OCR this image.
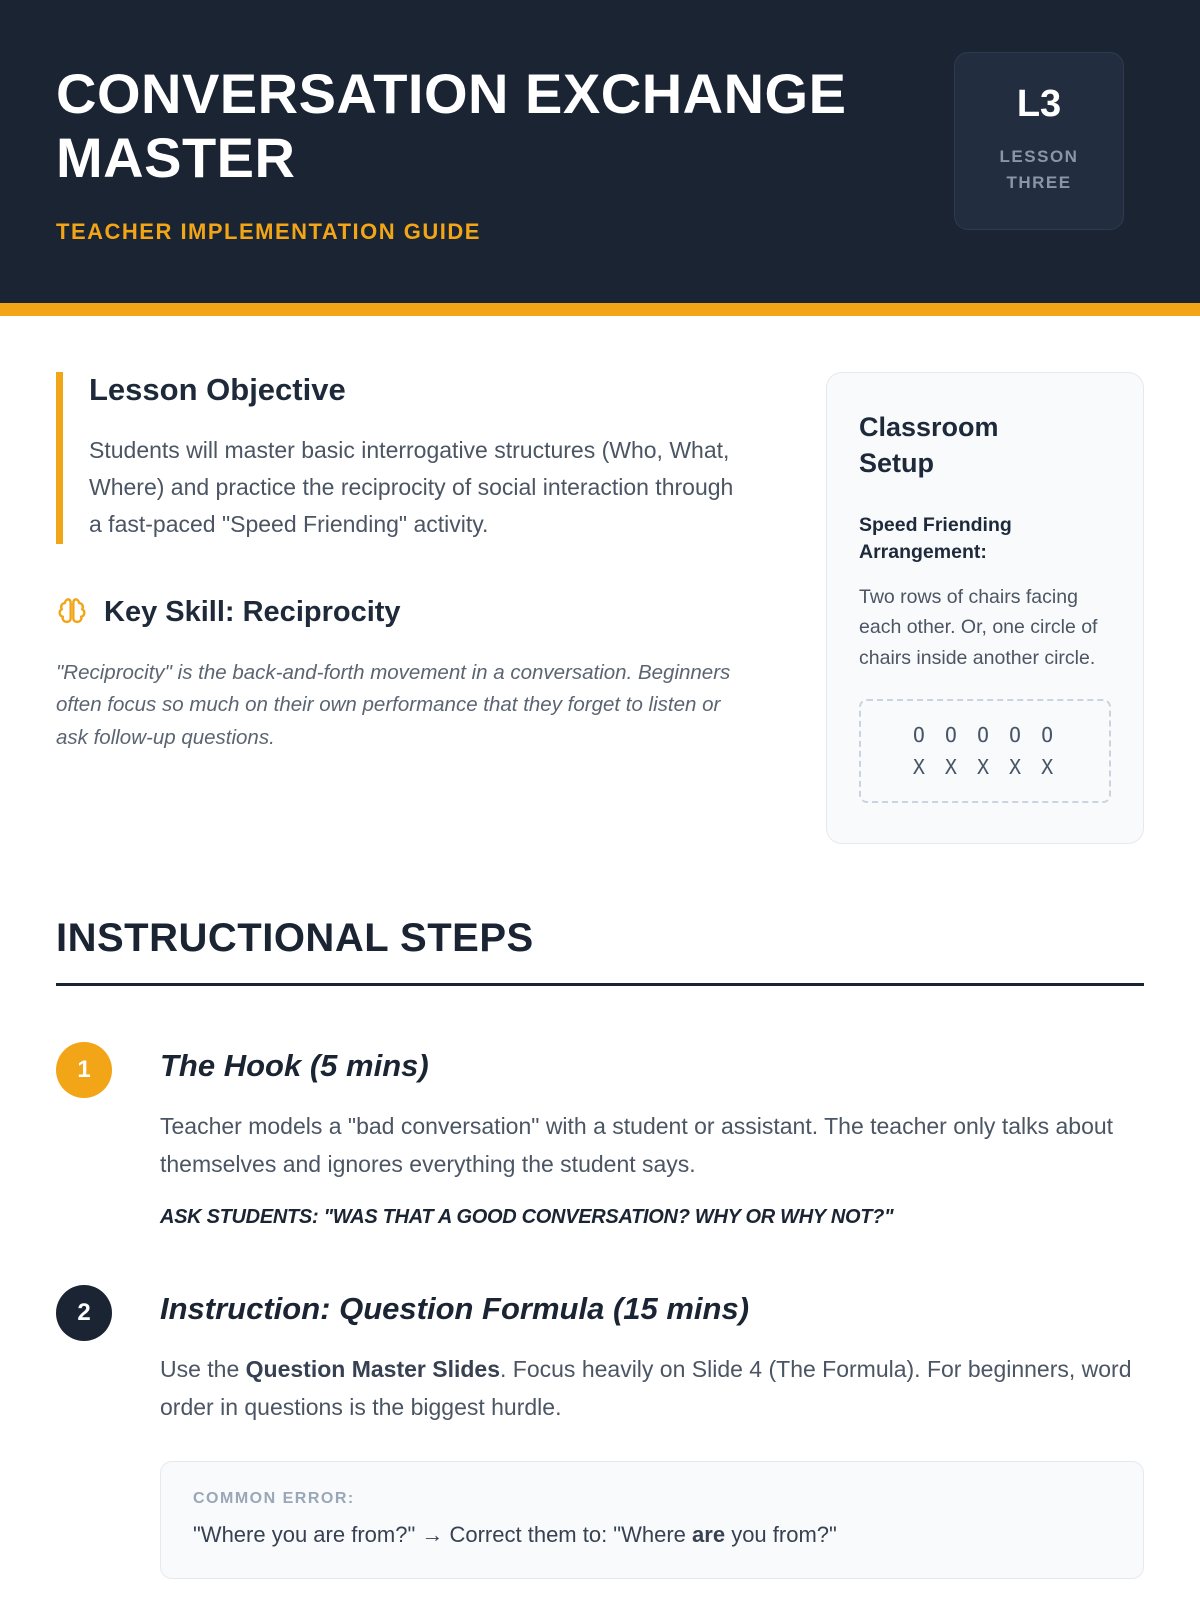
CONVERSATION EXCHANGE MASTER
TEACHER IMPLEMENTATION GUIDE
L3
LESSON
THREE
Lesson Objective

Students will master basic interrogative structures (Who, What, Where) and practice the reciprocity of social interaction through a fast-paced "Speed Friending" activity.

Key Skill: Reciprocity

"Reciprocity" is the back-and-forth movement in a conversation. Beginners often focus so much on their own performance that they forget to listen or ask follow-up questions.

Classroom Setup
Speed Friending Arrangement:

Two rows of chairs facing each other. Or, one circle of chairs inside another circle.

O O O O O
X X X X X
INSTRUCTIONAL STEPS
1	The Hook (5 mins)

Teacher models a "bad conversation" with a student or assistant. The teacher only talks about themselves and ignores everything the student says.

ASK STUDENTS: "WAS THAT A GOOD CONVERSATION? WHY OR WHY NOT?"
2	Instruction: Question Formula (15 mins)

Use the Question Master Slides. Focus heavily on Slide 4 (The Formula). For beginners, word order in questions is the biggest hurdle.

COMMON ERROR:
"Where you are from?" → Correct them to: "Where are you from?"
